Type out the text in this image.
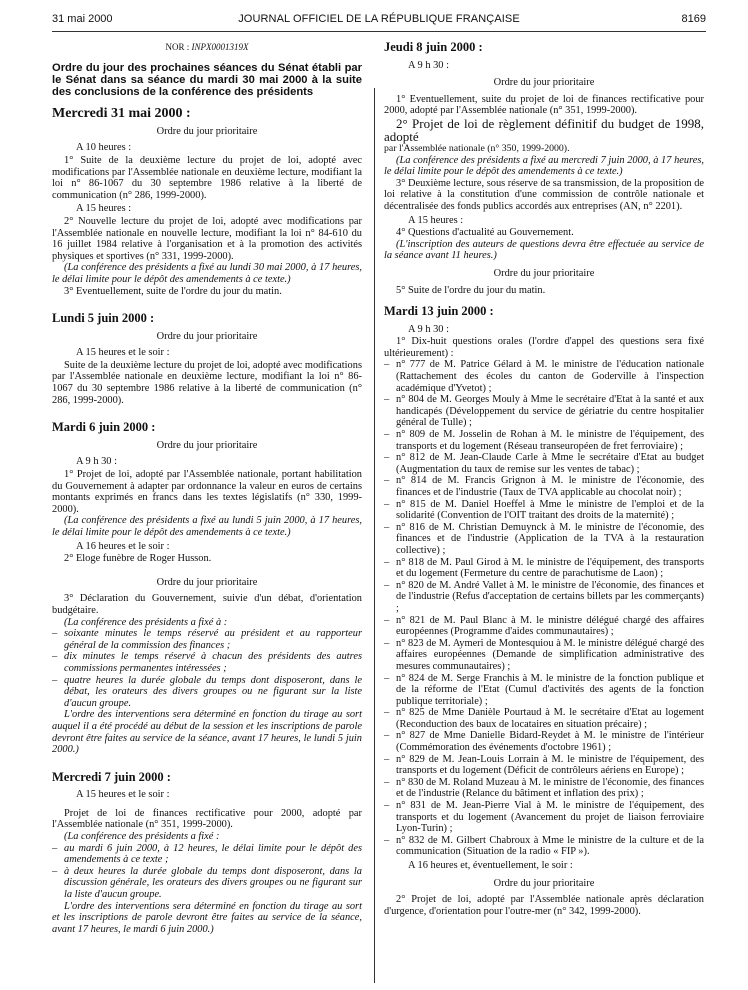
31 mai 2000	JOURNAL OFFICIEL DE LA RÉPUBLIQUE FRANÇAISE	8169

NOR : INPX0001319X

Ordre du jour des prochaines séances du Sénat établi par le Sénat dans sa séance du mardi 30 mai 2000 à la suite des conclusions de la conférence des présidents

Mercredi 31 mai 2000 :

Ordre du jour prioritaire

A 10 heures :

1° Suite de la deuxième lecture du projet de loi, adopté avec modifications par l'Assemblée nationale en deuxième lecture, modifiant la loi n° 86-1067 du 30 septembre 1986 relative à la liberté de communication (n° 286, 1999-2000).

A 15 heures :

2° Nouvelle lecture du projet de loi, adopté avec modifications par l'Assemblée nationale en nouvelle lecture, modifiant la loi n° 84-610 du 16 juillet 1984 relative à l'organisation et à la promotion des activités physiques et sportives (n° 331, 1999-2000).

(La conférence des présidents a fixé au lundi 30 mai 2000, à 17 heures, le délai limite pour le dépôt des amendements à ce texte.)

3° Eventuellement, suite de l'ordre du jour du matin.

Lundi 5 juin 2000 :

Ordre du jour prioritaire

A 15 heures et le soir :

Suite de la deuxième lecture du projet de loi, adopté avec modifications par l'Assemblée nationale en deuxième lecture, modifiant la loi n° 86-1067 du 30 septembre 1986 relative à la liberté de communication (n° 286, 1999-2000).

Mardi 6 juin 2000 :

Ordre du jour prioritaire

A 9 h 30 :

1° Projet de loi, adopté par l'Assemblée nationale, portant habilitation du Gouvernement à adapter par ordonnance la valeur en euros de certains montants exprimés en francs dans les textes législatifs (n° 330, 1999-2000).

(La conférence des présidents a fixé au lundi 5 juin 2000, à 17 heures, le délai limite pour le dépôt des amendements à ce texte.)

A 16 heures et le soir :

2° Eloge funèbre de Roger Husson.

Ordre du jour prioritaire

3° Déclaration du Gouvernement, suivie d'un débat, d'orientation budgétaire.

(La conférence des présidents a fixé à :

– soixante minutes le temps réservé au président et au rapporteur général de la commission des finances ;
– dix minutes le temps réservé à chacun des présidents des autres commissions permanentes intéressées ;
– quatre heures la durée globale du temps dont disposeront, dans le débat, les orateurs des divers groupes ou ne figurant sur la liste d'aucun groupe.

L'ordre des interventions sera déterminé en fonction du tirage au sort auquel il a été procédé au début de la session et les inscriptions de parole devront être faites au service de la séance, avant 17 heures, le lundi 5 juin 2000.)

Mercredi 7 juin 2000 :

A 15 heures et le soir :

Projet de loi de finances rectificative pour 2000, adopté par l'Assemblée nationale (n° 351, 1999-2000).

(La conférence des présidents a fixé :

– au mardi 6 juin 2000, à 12 heures, le délai limite pour le dépôt des amendements à ce texte ;
– à deux heures la durée globale du temps dont disposeront, dans la discussion générale, les orateurs des divers groupes ou ne figurant sur la liste d'aucun groupe.

L'ordre des interventions sera déterminé en fonction du tirage au sort et les inscriptions de parole devront être faites au service de la séance, avant 17 heures, le mardi 6 juin 2000.)

Jeudi 8 juin 2000 :

A 9 h 30 :

Ordre du jour prioritaire

1° Eventuellement, suite du projet de loi de finances rectificative pour 2000, adopté par l'Assemblée nationale (n° 351, 1999-2000).

2° Projet de loi de règlement définitif du budget de 1998, adopté

par l'Assemblée nationale (n° 350, 1999-2000).

(La conférence des présidents a fixé au mercredi 7 juin 2000, à 17 heures, le délai limite pour le dépôt des amendements à ce texte.)

3° Deuxième lecture, sous réserve de sa transmission, de la proposition de loi relative à la constitution d'une commission de contrôle nationale et décentralisée des fonds publics accordés aux entreprises (AN, n° 2201).

A 15 heures :

4° Questions d'actualité au Gouvernement.

(L'inscription des auteurs de questions devra être effectuée au service de la séance avant 11 heures.)

Ordre du jour prioritaire

5° Suite de l'ordre du jour du matin.

Mardi 13 juin 2000 :

A 9 h 30 :

1° Dix-huit questions orales (l'ordre d'appel des questions sera fixé ultérieurement) :

– n° 777 de M. Patrice Gélard à M. le ministre de l'éducation nationale (Rattachement des écoles du canton de Goderville à l'inspection académique d'Yvetot) ;
– n° 804 de M. Georges Mouly à Mme le secrétaire d'Etat à la santé et aux handicapés (Développement du service de gériatrie du centre hospitalier général de Tulle) ;
– n° 809 de M. Josselin de Rohan à M. le ministre de l'équipement, des transports et du logement (Réseau transeuropéen de fret ferroviaire) ;
– n° 812 de M. Jean-Claude Carle à Mme le secrétaire d'Etat au budget (Augmentation du taux de remise sur les ventes de tabac) ;
– n° 814 de M. Francis Grignon à M. le ministre de l'économie, des finances et de l'industrie (Taux de TVA applicable au chocolat noir) ;
– n° 815 de M. Daniel Hoeffel à Mme le ministre de l'emploi et de la solidarité (Convention de l'OIT traitant des droits de la maternité) ;
– n° 816 de M. Christian Demuynck à M. le ministre de l'économie, des finances et de l'industrie (Application de la TVA à la restauration collective) ;
– n° 818 de M. Paul Girod à M. le ministre de l'équipement, des transports et du logement (Fermeture du centre de parachutisme de Laon) ;
– n° 820 de M. André Vallet à M. le ministre de l'économie, des finances et de l'industrie (Refus d'acceptation de certains billets par les commerçants) ;
– n° 821 de M. Paul Blanc à M. le ministre délégué chargé des affaires européennes (Programme d'aides communautaires) ;
– n° 823 de M. Aymeri de Montesquiou à M. le ministre délégué chargé des affaires européennes (Demande de simplification administrative des mesures communautaires) ;
– n° 824 de M. Serge Franchis à M. le ministre de la fonction publique et de la réforme de l'Etat (Cumul d'activités des agents de la fonction publique territoriale) ;
– n° 825 de Mme Danièle Pourtaud à M. le secrétaire d'Etat au logement (Reconduction des baux de locataires en situation précaire) ;
– n° 827 de Mme Danielle Bidard-Reydet à M. le ministre de l'intérieur (Commémoration des événements d'octobre 1961) ;
– n° 829 de M. Jean-Louis Lorrain à M. le ministre de l'équipement, des transports et du logement (Déficit de contrôleurs aériens en Europe) ;
– n° 830 de M. Roland Muzeau à M. le ministre de l'économie, des finances et de l'industrie (Relance du bâtiment et inflation des prix) ;
– n° 831 de M. Jean-Pierre Vial à M. le ministre de l'équipement, des transports et du logement (Avancement du projet de liaison ferroviaire Lyon-Turin) ;
– n° 832 de M. Gilbert Chabroux à Mme le ministre de la culture et de la communication (Situation de la radio « FIP »).

A 16 heures et, éventuellement, le soir :

Ordre du jour prioritaire

2° Projet de loi, adopté par l'Assemblée nationale après déclaration d'urgence, d'orientation pour l'outre-mer (n° 342, 1999-2000).
